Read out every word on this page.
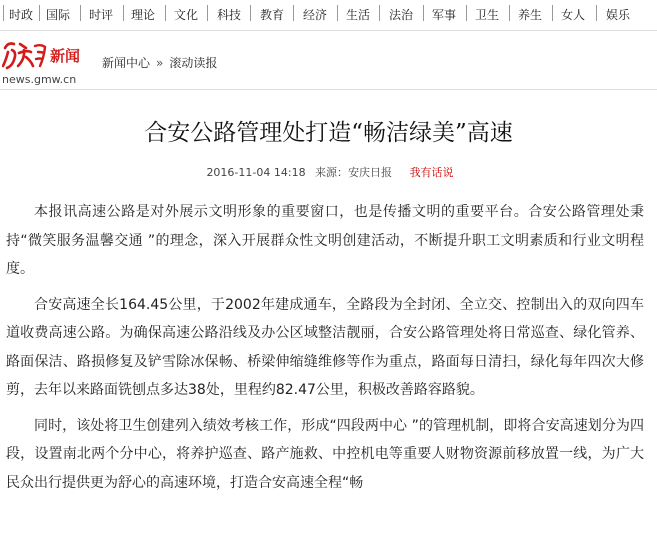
时政 国际 时评 理论 文化 科技 教育 经济 生活 法治 军事 卫生 养生 女人 娱乐
新闻
news.gmw.cn
新闻中心 » 滚动读报
合安公路管理处打造“畅洁绿美”高速
2016-11-04 14:18 来源：安庆日报 我有话说

本报讯高速公路是对外展示文明形象的重要窗口，也是传播文明的重要平台。合安公路管理处秉持“微笑服务温馨交通 ”的理念，深入开展群众性文明创建活动，不断提升职工文明素质和行业文明程度。

合安高速全长164.45公里，于2002年建成通车，全路段为全封闭、全立交、控制出入的双向四车道收费高速公路。为确保高速公路沿线及办公区域整洁靓丽，合安公路管理处将日常巡查、绿化管养、路面保洁、路损修复及铲雪除冰保畅、桥梁伸缩缝维修等作为重点，路面每日清扫，绿化每年四次大修剪，去年以来路面铣刨点多达38处，里程约82.47公里，积极改善路容路貌。

同时，该处将卫生创建列入绩效考核工作，形成“四段两中心 ”的管理机制，即将合安高速划分为四段，设置南北两个分中心，将养护巡查、路产施救、中控机电等重要人财物资源前移放置一线，为广大民众出行提供更为舒心的高速环境，打造合安高速全程“畅
